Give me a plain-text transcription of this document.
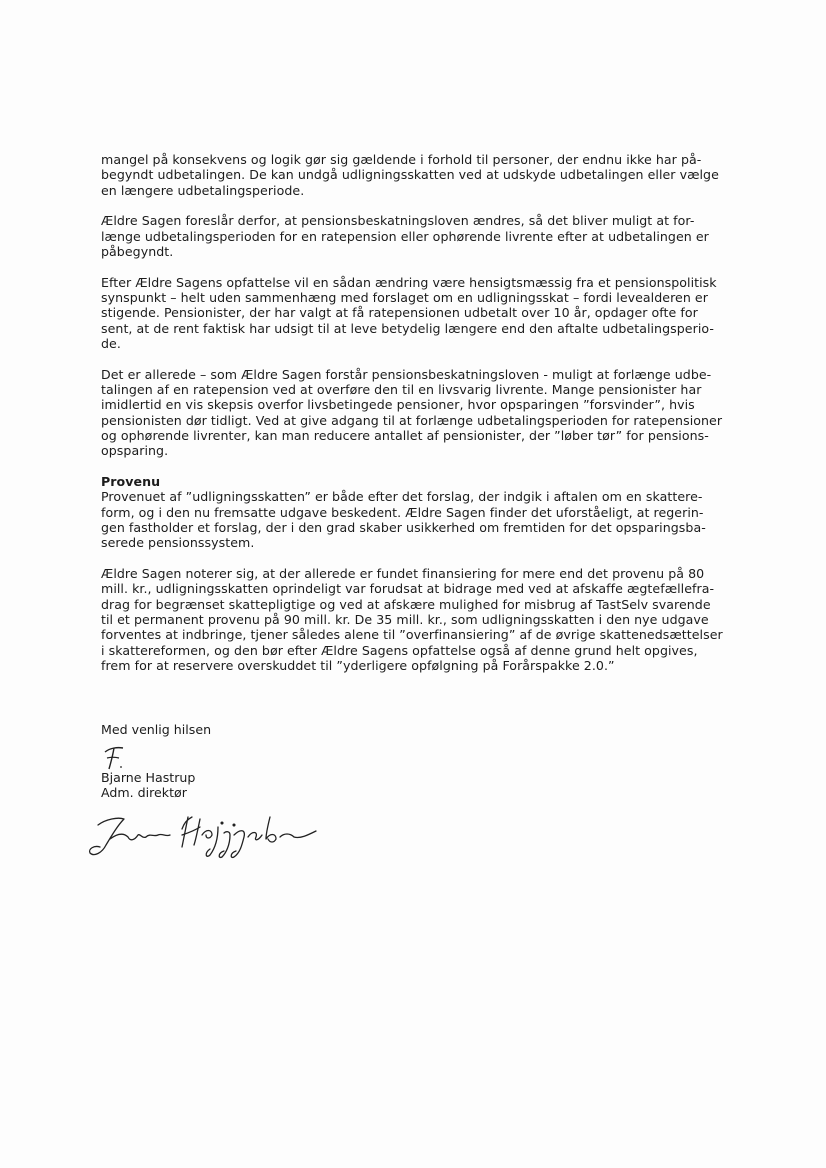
mangel på konsekvens og logik gør sig gældende i forhold til personer, der endnu ikke har på-
begyndt udbetalingen. De kan undgå udligningsskatten ved at udskyde udbetalingen eller vælge
en længere udbetalingsperiode.
Ældre Sagen foreslår derfor, at pensionsbeskatningsloven ændres, så det bliver muligt at for-
længe udbetalingsperioden for en ratepension eller ophørende livrente efter at udbetalingen er
påbegyndt.
Efter Ældre Sagens opfattelse vil en sådan ændring være hensigtsmæssig fra et pensionspolitisk
synspunkt – helt uden sammenhæng med forslaget om en udligningsskat – fordi levealderen er
stigende. Pensionister, der har valgt at få ratepensionen udbetalt over 10 år, opdager ofte for
sent, at de rent faktisk har udsigt til at leve betydelig længere end den aftalte udbetalingsperio-
de.
Det er allerede – som Ældre Sagen forstår pensionsbeskatningsloven - muligt at forlænge udbe-
talingen af en ratepension ved at overføre den til en livsvarig livrente. Mange pensionister har
imidlertid en vis skepsis overfor livsbetingede pensioner, hvor opsparingen ”forsvinder”, hvis
pensionisten dør tidligt. Ved at give adgang til at forlænge udbetalingsperioden for ratepensioner
og ophørende livrenter, kan man reducere antallet af pensionister, der ”løber tør” for pensions-
opsparing.
Provenu
Provenuet af ”udligningsskatten” er både efter det forslag, der indgik i aftalen om en skattere-
form, og i den nu fremsatte udgave beskedent. Ældre Sagen finder det uforståeligt, at regerin-
gen fastholder et forslag, der i den grad skaber usikkerhed om fremtiden for det opsparingsba-
serede pensionssystem.
Ældre Sagen noterer sig, at der allerede er fundet finansiering for mere end det provenu på 80
mill. kr., udligningsskatten oprindeligt var forudsat at bidrage med ved at afskaffe ægtefællefra-
drag for begrænset skattepligtige og ved at afskære mulighed for misbrug af TastSelv svarende
til et permanent provenu på 90 mill. kr. De 35 mill. kr., som udligningsskatten i den nye udgave
forventes at indbringe, tjener således alene til ”overfinansiering” af de øvrige skattenedsættelser
i skattereformen, og den bør efter Ældre Sagens opfattelse også af denne grund helt opgives,
frem for at reservere overskuddet til ”yderligere opfølgning på Forårspakke 2.0.”
Med venlig hilsen
Bjarne Hastrup
Adm. direktør
